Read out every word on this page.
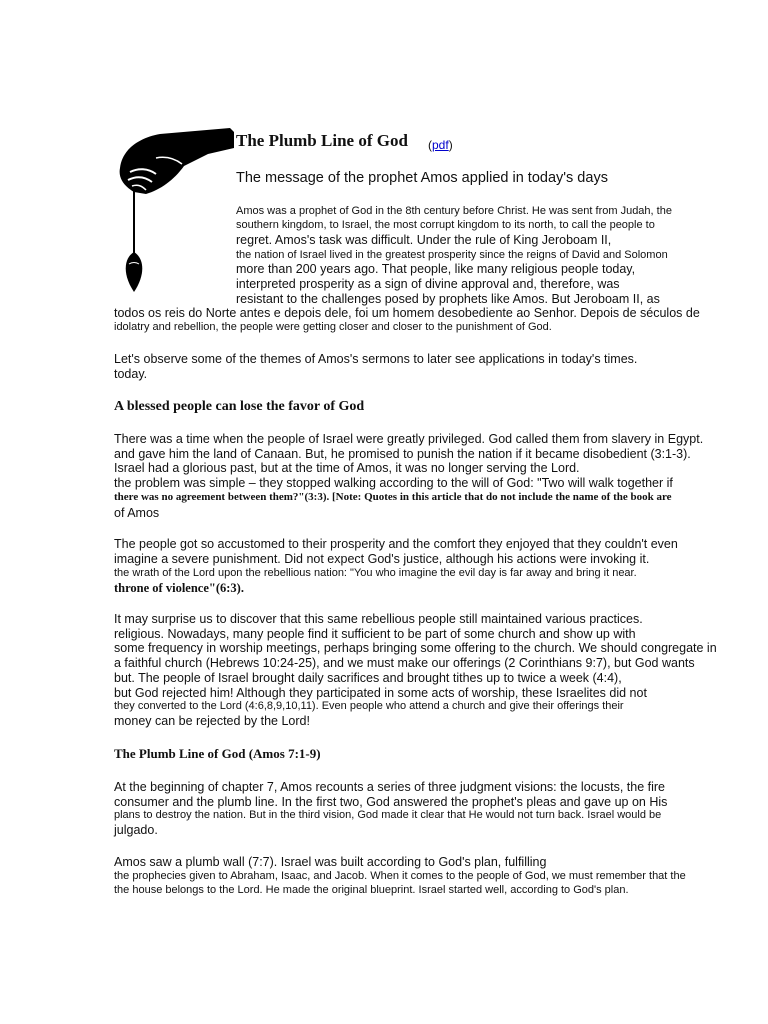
The Plumb Line of God (pdf)
The message of the prophet Amos applied in today's days
Amos was a prophet of God in the 8th century before Christ. He was sent from Judah, the
southern kingdom, to Israel, the most corrupt kingdom to its north, to call the people to
regret. Amos's task was difficult. Under the rule of King Jeroboam II,
the nation of Israel lived in the greatest prosperity since the reigns of David and Solomon
more than 200 years ago. That people, like many religious people today,
interpreted prosperity as a sign of divine approval and, therefore, was
resistant to the challenges posed by prophets like Amos. But Jeroboam II, as
todos os reis do Norte antes e depois dele, foi um homem desobediente ao Senhor. Depois de séculos de
idolatry and rebellion, the people were getting closer and closer to the punishment of God.
Let's observe some of the themes of Amos's sermons to later see applications in today's times.
today.
A blessed people can lose the favor of God
There was a time when the people of Israel were greatly privileged. God called them from slavery in Egypt.
and gave him the land of Canaan. But, he promised to punish the nation if it became disobedient (3:1-3).
Israel had a glorious past, but at the time of Amos, it was no longer serving the Lord.
the problem was simple – they stopped walking according to the will of God: "Two will walk together if
there was no agreement between them?"(3:3). [Note: Quotes in this article that do not include the name of the book are
of Amos
The people got so accustomed to their prosperity and the comfort they enjoyed that they couldn't even
imagine a severe punishment. Did not expect God's justice, although his actions were invoking it.
the wrath of the Lord upon the rebellious nation: "You who imagine the evil day is far away and bring it near.
throne of violence"(6:3).
It may surprise us to discover that this same rebellious people still maintained various practices.
religious. Nowadays, many people find it sufficient to be part of some church and show up with
some frequency in worship meetings, perhaps bringing some offering to the church. We should congregate in
a faithful church (Hebrews 10:24-25), and we must make our offerings (2 Corinthians 9:7), but God wants
but. The people of Israel brought daily sacrifices and brought tithes up to twice a week (4:4),
but God rejected him! Although they participated in some acts of worship, these Israelites did not
they converted to the Lord (4:6,8,9,10,11). Even people who attend a church and give their offerings their
money can be rejected by the Lord!
The Plumb Line of God (Amos 7:1-9)
At the beginning of chapter 7, Amos recounts a series of three judgment visions: the locusts, the fire
consumer and the plumb line. In the first two, God answered the prophet's pleas and gave up on His
plans to destroy the nation. But in the third vision, God made it clear that He would not turn back. Israel would be
julgado.
Amos saw a plumb wall (7:7). Israel was built according to God's plan, fulfilling
the prophecies given to Abraham, Isaac, and Jacob. When it comes to the people of God, we must remember that the
the house belongs to the Lord. He made the original blueprint. Israel started well, according to God's plan.
